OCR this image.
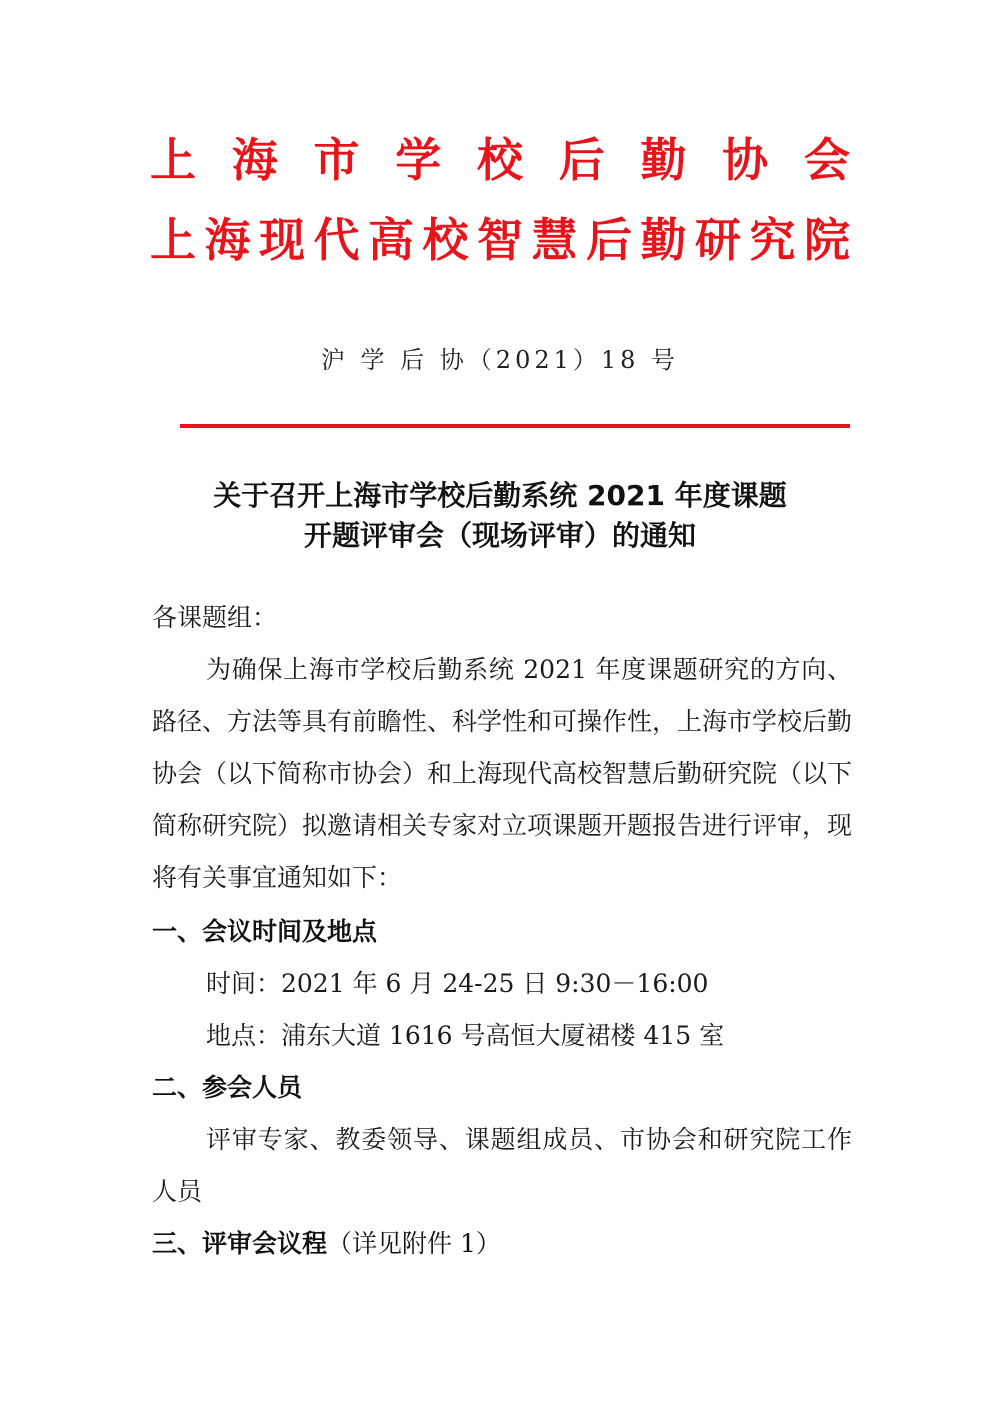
上 海 市 学 校 后 勤 协 会
上 海 现 代 高 校 智 慧 后 勤 研 究 院
沪 学 后 协（2021）18 号
关于召开上海市学校后勤系统 2021 年度课题
开题评审会（现场评审）的通知
各课题组：
为确保上海市学校后勤系统 2021 年度课题研究的方向、路径、方法等具有前瞻性、科学性和可操作性，上海市学校后勤协会（以下简称市协会）和上海现代高校智慧后勤研究院（以下简称研究院）拟邀请相关专家对立项课题开题报告进行评审，现将有关事宜通知如下：
一、会议时间及地点
时间：2021 年 6 月 24-25 日 9:30－16:00
地点：浦东大道 1616 号高恒大厦裙楼 415 室
二、参会人员
评审专家、教委领导、课题组成员、市协会和研究院工作人员
三、评审会议程（详见附件 1）
